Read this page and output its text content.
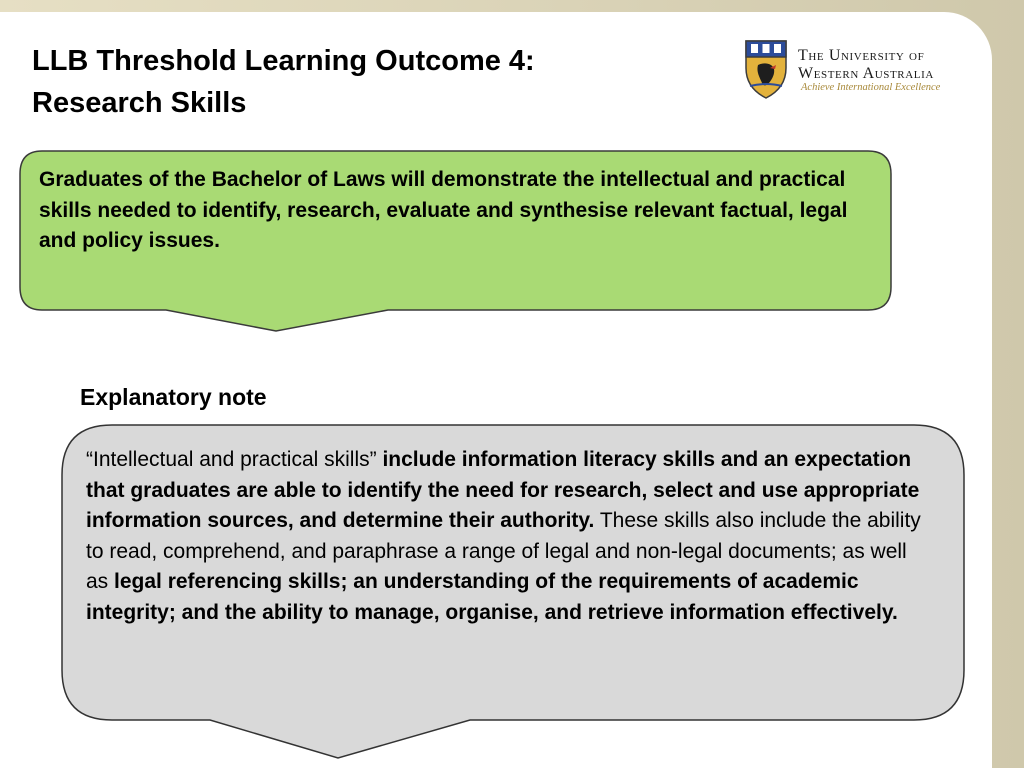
LLB Threshold Learning Outcome 4:
Research Skills
The University of
Western Australia
Achieve International Excellence
Graduates of the Bachelor of Laws will demonstrate the intellectual and practical skills needed to identify, research, evaluate and synthesise relevant factual, legal and policy issues.
Explanatory note
“Intellectual and practical skills” include information literacy skills and an expectation that graduates are able to identify the need for research, select and use appropriate information sources, and determine their authority. These skills also include the ability to read, comprehend, and paraphrase a range of legal and non-legal documents; as well as legal referencing skills; an understanding of the requirements of academic integrity; and the ability to manage, organise, and retrieve information effectively.
